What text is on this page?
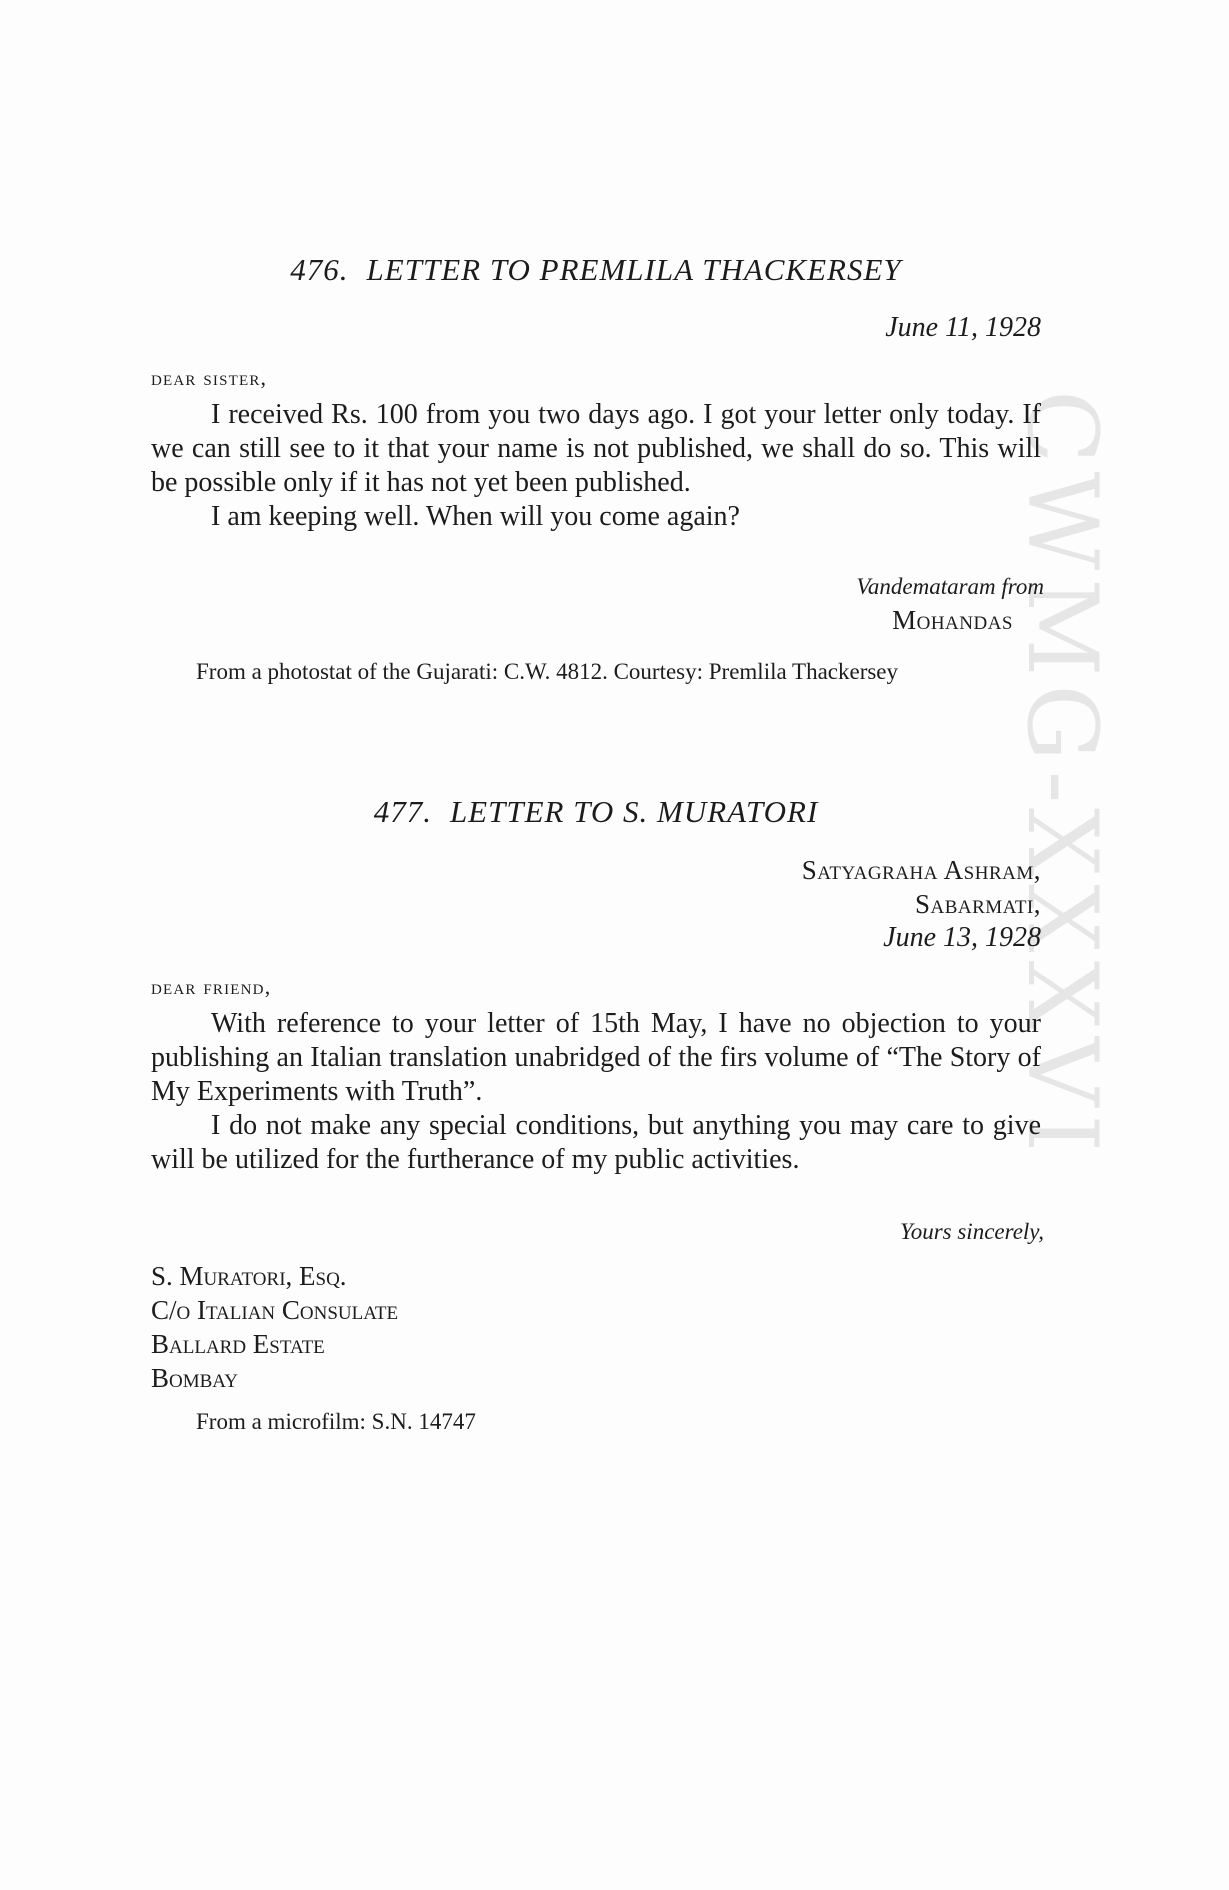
CWMG-XXXVI
476. LETTER TO PREMLILA THACKERSEY
June 11, 1928
dear sister,

I received Rs. 100 from you two days ago. I got your letter only today. If we can still see to it that your name is not published, we shall do so. This will be possible only if it has not yet been published.

I am keeping well. When will you come again?

Vandemataram from
Mohandas
From a photostat of the Gujarati: C.W. 4812. Courtesy: Premlila Thackersey
477. LETTER TO S. MURATORI
Satyagraha Ashram,
Sabarmati,
June 13, 1928
dear friend,

With reference to your letter of 15th May, I have no objection to your publishing an Italian translation unabridged of the firs volume of “The Story of My Experiments with Truth”.

I do not make any special conditions, but anything you may care to give will be utilized for the furtherance of my public activities.

Yours sincerely,
S. Muratori, Esq.
C/o Italian Consulate
Ballard Estate
Bombay
From a microfilm: S.N. 14747
